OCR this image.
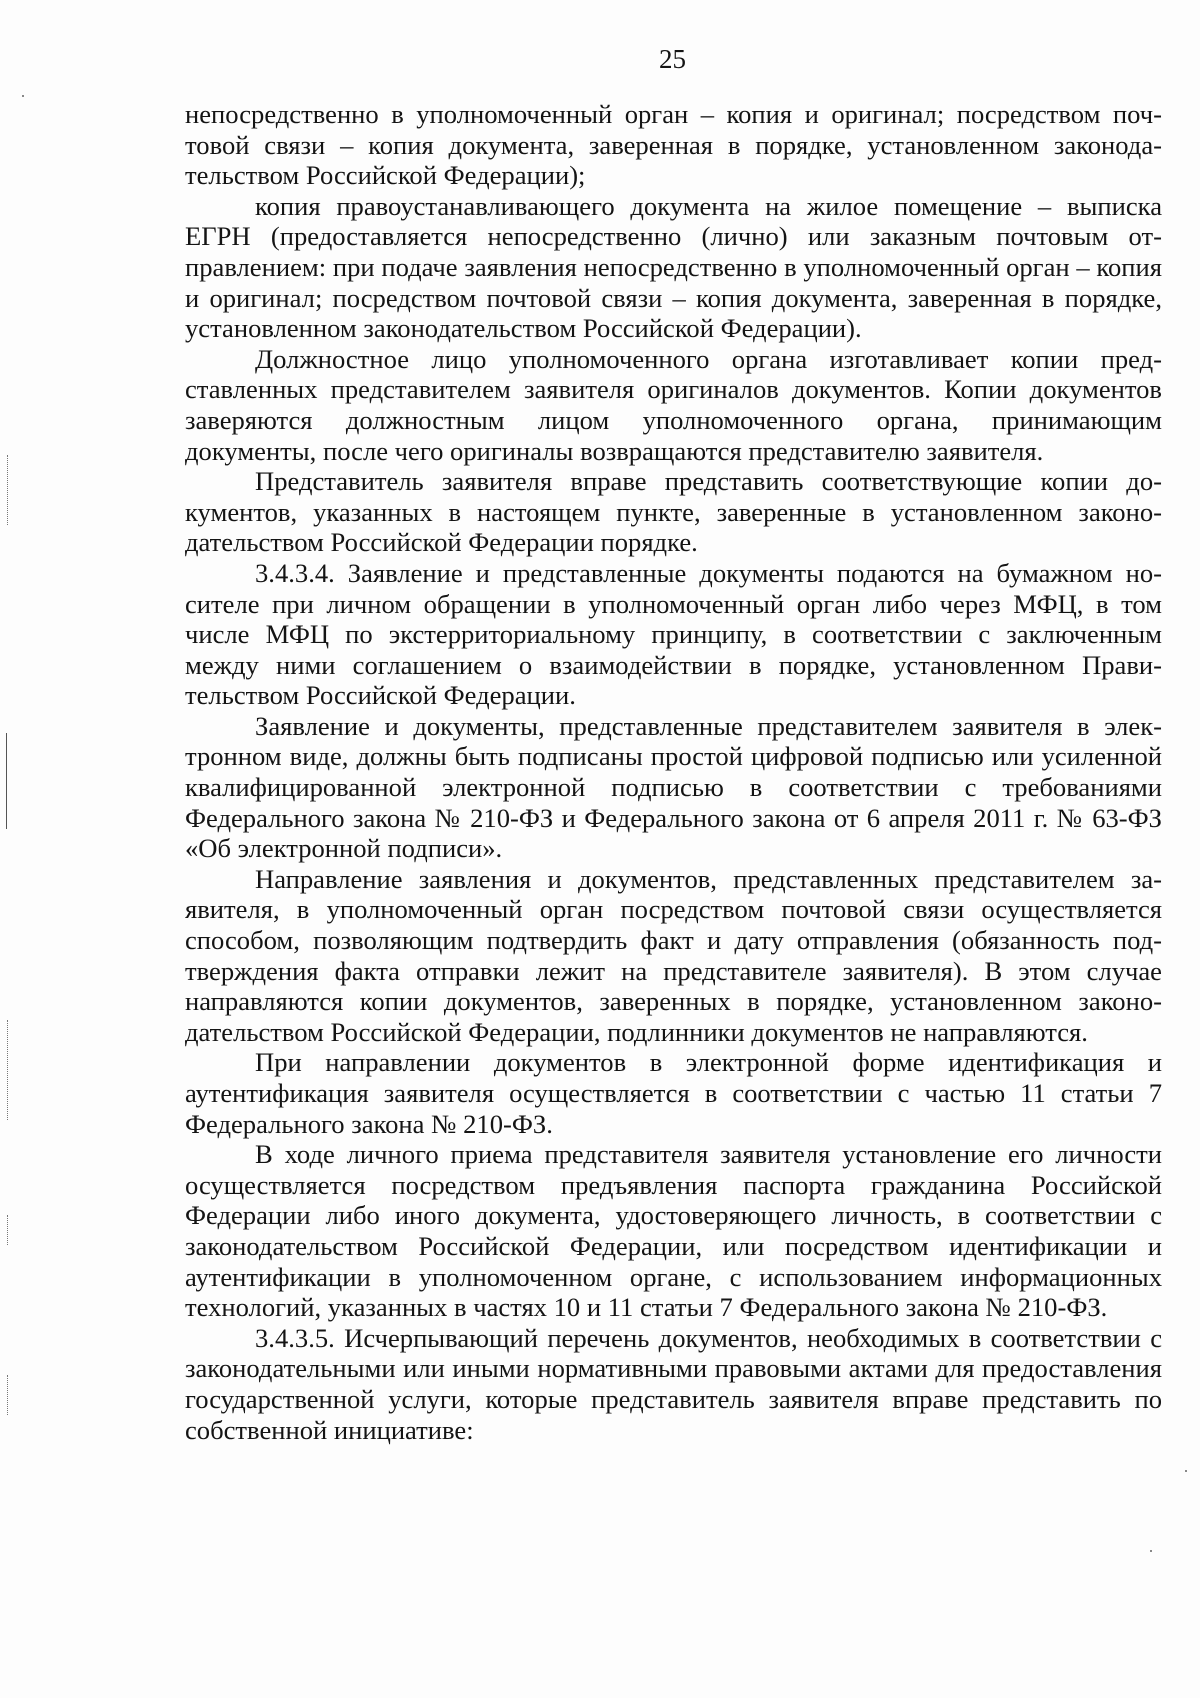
25

непосредственно в уполномоченный орган – копия и оригинал; посредством почтовой связи – копия документа, заверенная в порядке, установленном законодательством Российской Федерации);

копия правоустанавливающего документа на жилое помещение – выписка ЕГРН (предоставляется непосредственно (лично) или заказным почтовым отправлением: при подаче заявления непосредственно в уполномоченный орган – копия и оригинал; посредством почтовой связи – копия документа, заверенная в порядке, установленном законодательством Российской Федерации).

Должностное лицо уполномоченного органа изготавливает копии представленных представителем заявителя оригиналов документов. Копии документов заверяются должностным лицом уполномоченного органа, принимающим документы, после чего оригиналы возвращаются представителю заявителя.

Представитель заявителя вправе представить соответствующие копии документов, указанных в настоящем пункте, заверенные в установленном законодательством Российской Федерации порядке.

3.4.3.4. Заявление и представленные документы подаются на бумажном носителе при личном обращении в уполномоченный орган либо через МФЦ, в том числе МФЦ по экстерриториальному принципу, в соответствии с заключенным между ними соглашением о взаимодействии в порядке, установленном Правительством Российской Федерации.

Заявление и документы, представленные представителем заявителя в электронном виде, должны быть подписаны простой цифровой подписью или усиленной квалифицированной электронной подписью в соответствии с требованиями Федерального закона № 210-ФЗ и Федерального закона от 6 апреля 2011 г. № 63-ФЗ «Об электронной подписи».

Направление заявления и документов, представленных представителем заявителя, в уполномоченный орган посредством почтовой связи осуществляется способом, позволяющим подтвердить факт и дату отправления (обязанность подтверждения факта отправки лежит на представителе заявителя). В этом случае направляются копии документов, заверенных в порядке, установленном законодательством Российской Федерации, подлинники документов не направляются.

При направлении документов в электронной форме идентификация и аутентификация заявителя осуществляется в соответствии с частью 11 статьи 7 Федерального закона № 210-ФЗ.

В ходе личного приема представителя заявителя установление его личности осуществляется посредством предъявления паспорта гражданина Российской Федерации либо иного документа, удостоверяющего личность, в соответствии с законодательством Российской Федерации, или посредством идентификации и аутентификации в уполномоченном органе, с использованием информационных технологий, указанных в частях 10 и 11 статьи 7 Федерального закона № 210-ФЗ.

3.4.3.5. Исчерпывающий перечень документов, необходимых в соответствии с законодательными или иными нормативными правовыми актами для предоставления государственной услуги, которые представитель заявителя вправе представить по собственной инициативе:
